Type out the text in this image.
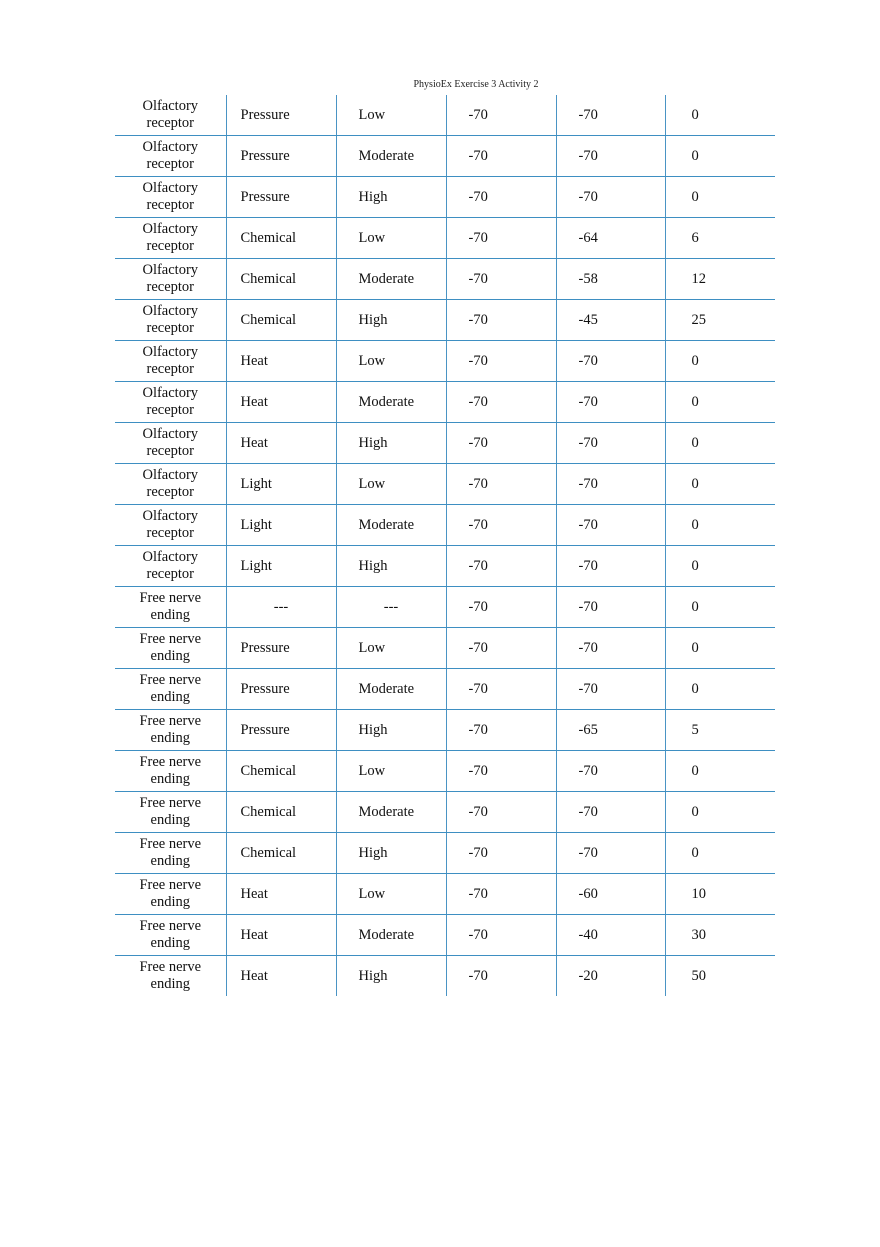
PhysioEx Exercise 3 Activity 2
Olfactory receptor	Pressure	Low	-70	-70	0

Olfactory receptor	Pressure	Moderate	-70	-70	0

Olfactory receptor	Pressure	High	-70	-70	0

Olfactory receptor	Chemical	Low	-70	-64	6

Olfactory receptor	Chemical	Moderate	-70	-58	12

Olfactory receptor	Chemical	High	-70	-45	25

Olfactory receptor	Heat	Low	-70	-70	0

Olfactory receptor	Heat	Moderate	-70	-70	0

Olfactory receptor	Heat	High	-70	-70	0

Olfactory receptor	Light	Low	-70	-70	0

Olfactory receptor	Light	Moderate	-70	-70	0

Olfactory receptor	Light	High	-70	-70	0

Free nerve ending	---	---	-70	-70	0

Free nerve ending	Pressure	Low	-70	-70	0

Free nerve ending	Pressure	Moderate	-70	-70	0

Free nerve ending	Pressure	High	-70	-65	5

Free nerve ending	Chemical	Low	-70	-70	0

Free nerve ending	Chemical	Moderate	-70	-70	0

Free nerve ending	Chemical	High	-70	-70	0

Free nerve ending	Heat	Low	-70	-60	10

Free nerve ending	Heat	Moderate	-70	-40	30

Free nerve ending	Heat	High	-70	-20	50
